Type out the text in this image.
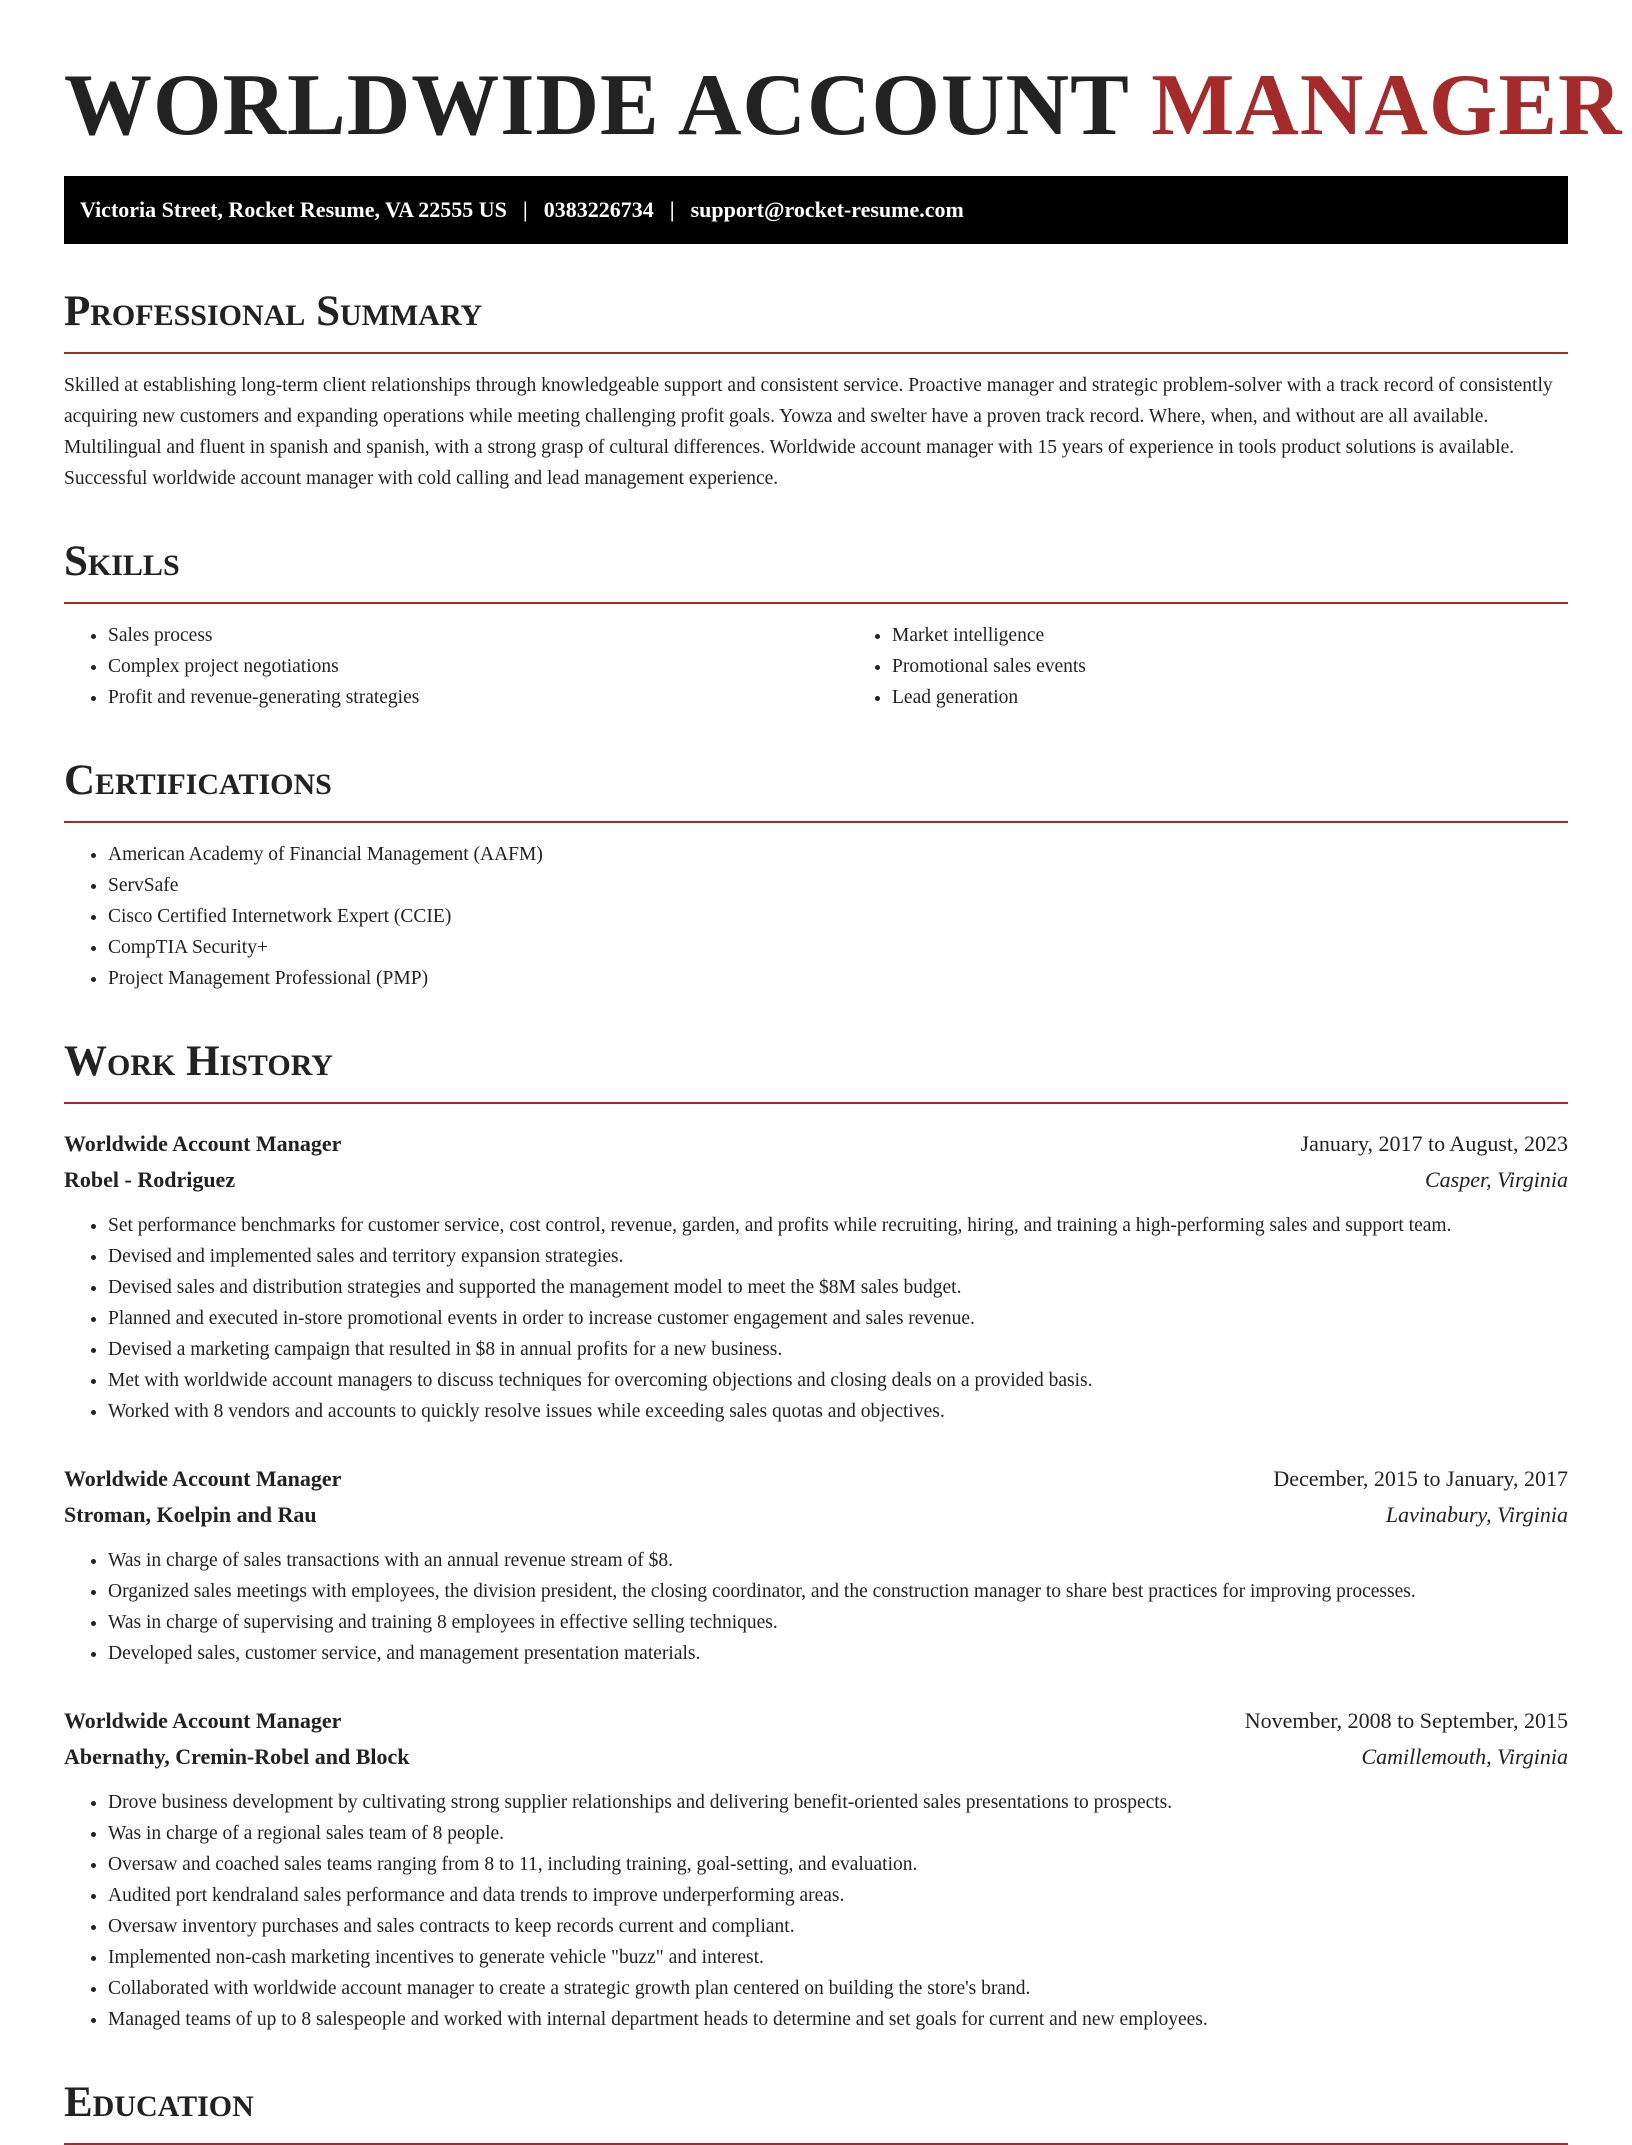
WORLDWIDE ACCOUNT MANAGER
Victoria Street, Rocket Resume, VA 22555 US | 0383226734 | support@rocket-resume.com
Professional Summary

Skilled at establishing long-term client relationships through knowledgeable support and consistent service. Proactive manager and strategic problem-solver with a track record of consistently acquiring new customers and expanding operations while meeting challenging profit goals. Yowza and swelter have a proven track record. Where, when, and without are all available. Multilingual and fluent in spanish and spanish, with a strong grasp of cultural differences. Worldwide account manager with 15 years of experience in tools product solutions is available. Successful worldwide account manager with cold calling and lead management experience.

Skills
• Sales process
• Complex project negotiations
• Profit and revenue-generating strategies
• Market intelligence
• Promotional sales events
• Lead generation
Certifications
• American Academy of Financial Management (AAFM)
• ServSafe
• Cisco Certified Internetwork Expert (CCIE)
• CompTIA Security+
• Project Management Professional (PMP)
Work History
Worldwide Account Manager	January, 2017 to August, 2023
Robel - Rodriguez	Casper, Virginia
• Set performance benchmarks for customer service, cost control, revenue, garden, and profits while recruiting, hiring, and training a high-performing sales and support team.
• Devised and implemented sales and territory expansion strategies.
• Devised sales and distribution strategies and supported the management model to meet the $8M sales budget.
• Planned and executed in-store promotional events in order to increase customer engagement and sales revenue.
• Devised a marketing campaign that resulted in $8 in annual profits for a new business.
• Met with worldwide account managers to discuss techniques for overcoming objections and closing deals on a provided basis.
• Worked with 8 vendors and accounts to quickly resolve issues while exceeding sales quotas and objectives.
Worldwide Account Manager	December, 2015 to January, 2017
Stroman, Koelpin and Rau	Lavinabury, Virginia
• Was in charge of sales transactions with an annual revenue stream of $8.
• Organized sales meetings with employees, the division president, the closing coordinator, and the construction manager to share best practices for improving processes.
• Was in charge of supervising and training 8 employees in effective selling techniques.
• Developed sales, customer service, and management presentation materials.
Worldwide Account Manager	November, 2008 to September, 2015
Abernathy, Cremin-Robel and Block	Camillemouth, Virginia
• Drove business development by cultivating strong supplier relationships and delivering benefit-oriented sales presentations to prospects.
• Was in charge of a regional sales team of 8 people.
• Oversaw and coached sales teams ranging from 8 to 11, including training, goal-setting, and evaluation.
• Audited port kendraland sales performance and data trends to improve underperforming areas.
• Oversaw inventory purchases and sales contracts to keep records current and compliant.
• Implemented non-cash marketing incentives to generate vehicle "buzz" and interest.
• Collaborated with worldwide account manager to create a strategic growth plan centered on building the store's brand.
• Managed teams of up to 8 salespeople and worked with internal department heads to determine and set goals for current and new employees.
Education
